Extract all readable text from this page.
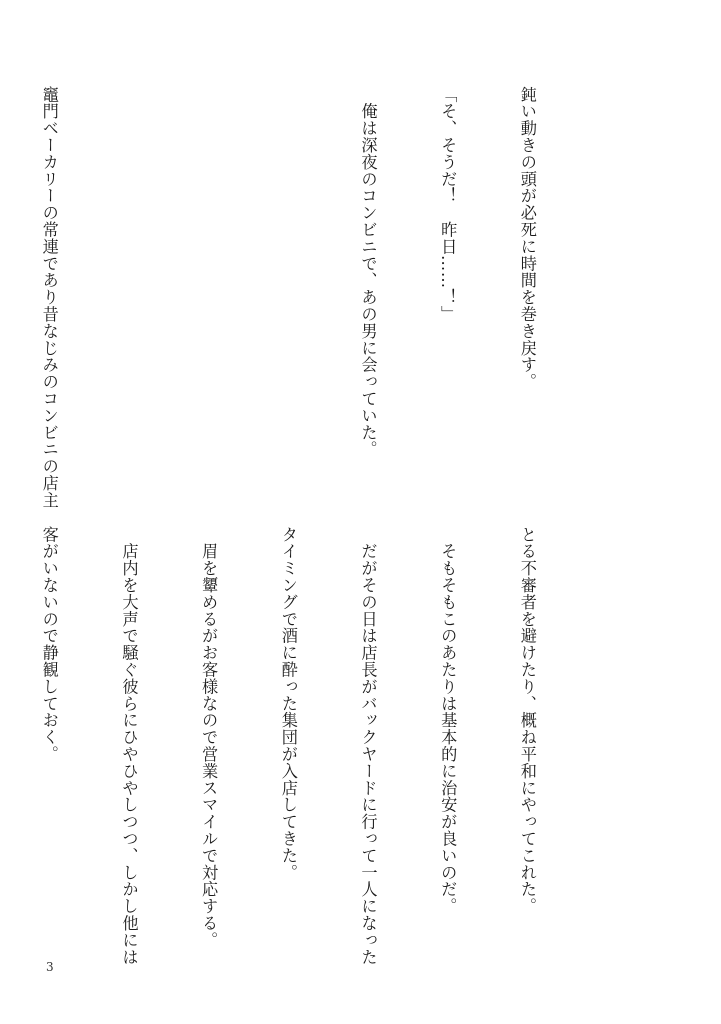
鈍い動きの頭が必死に時間を巻き戻す。

「そ、そうだ！　昨日……！」

　俺は深夜のコンビニで、あの男に会っていた。

竈門ベーカリーの常連であり昔なじみのコンビニの店主

とる不審者を避けたり、概ね平和にやってこれた。

　そもそもこのあたりは基本的に治安が良いのだ。

　だがその日は店長がバックヤードに行って一人になった

タイミングで酒に酔った集団が入店してきた。

　眉を顰めるがお客様なので営業スマイルで対応する。

　店内を大声で騒ぐ彼らにひやひやしつつ、しかし他には

客がいないので静観しておく。

3
